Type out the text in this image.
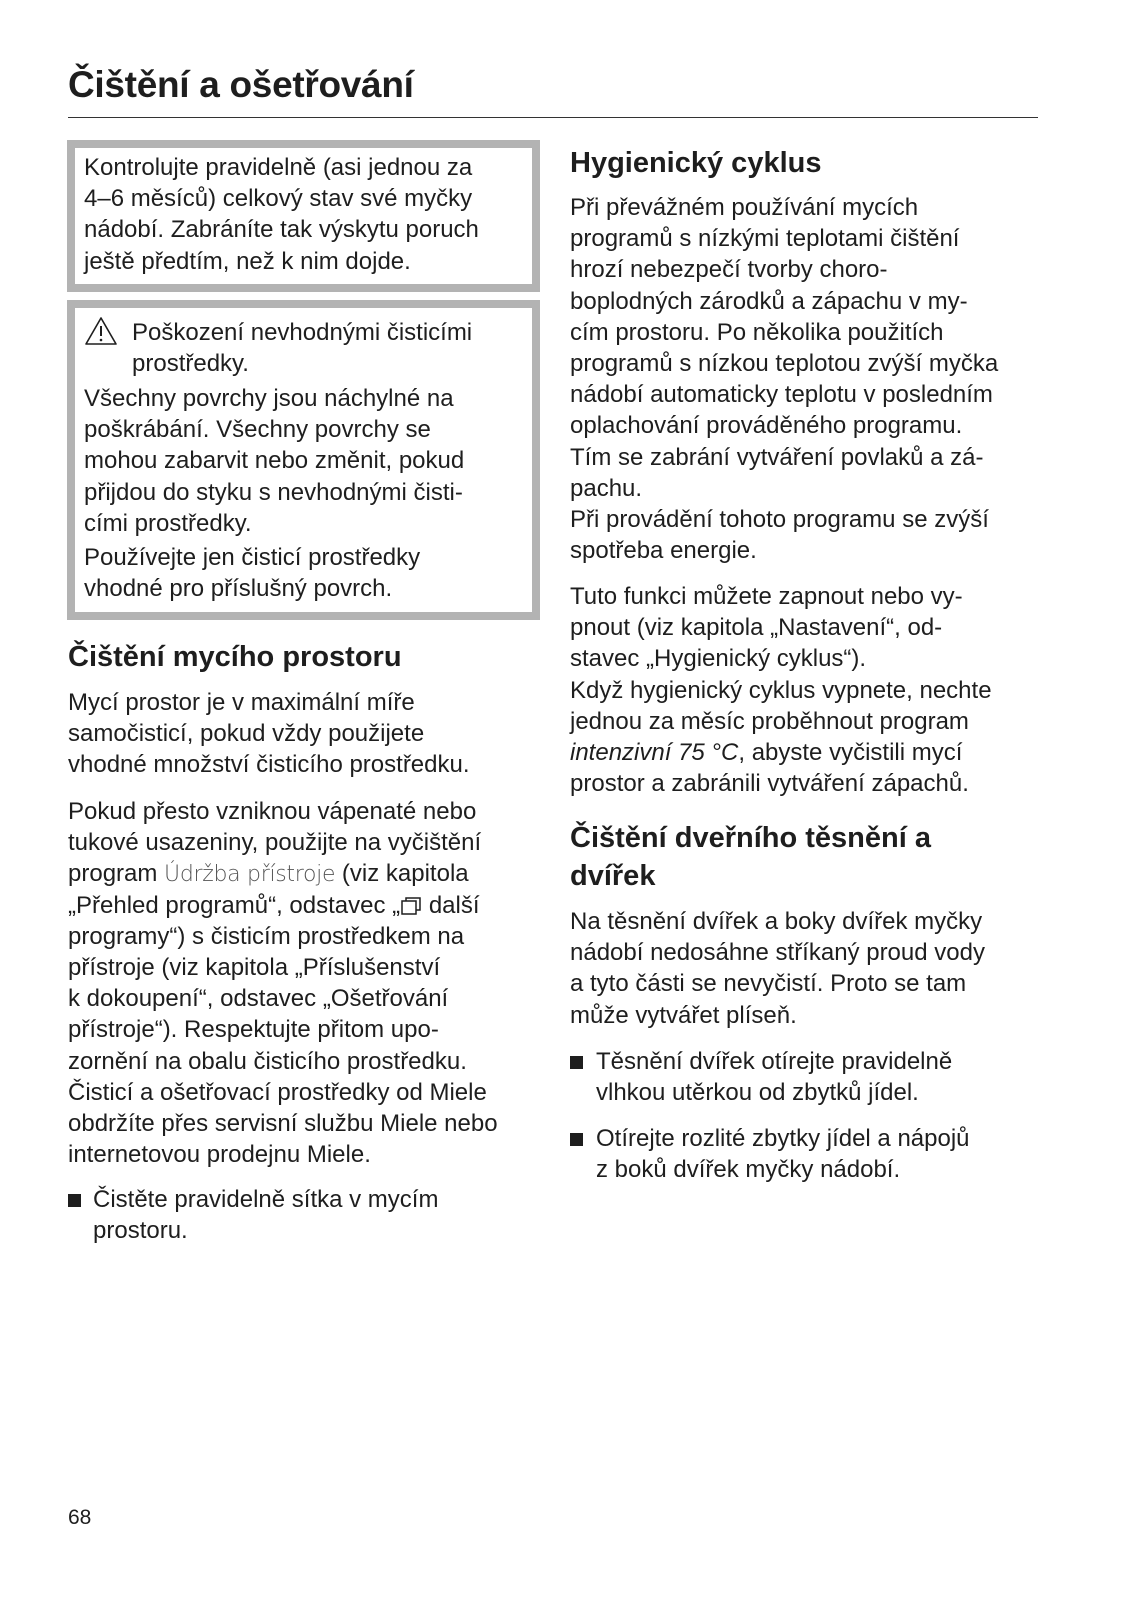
Čištění a ošetřování
Kontrolujte pravidelně (asi jednou za
4–6 měsíců) celkový stav své myčky
nádobí. Zabráníte tak výskytu poruch
ještě předtím, než k nim dojde.
Poškození nevhodnými čisticími
prostředky.
Všechny povrchy jsou náchylné na
poškrábání. Všechny povrchy se
mohou zabarvit nebo změnit, pokud
přijdou do styku s nevhodnými čisti-
cími prostředky.
Používejte jen čisticí prostředky
vhodné pro příslušný povrch.
Čištění mycího prostoru
Mycí prostor je v maximální míře
samočisticí, pokud vždy použijete
vhodné množství čisticího prostředku.
Pokud přesto vzniknou vápenaté nebo
tukové usazeniny, použijte na vyčištění
program Údržba přístroje (viz kapitola
„Přehled programů“, odstavec „
další
programy“) s čisticím prostředkem na
přístroje (viz kapitola „Příslušenství
k dokoupení“, odstavec „Ošetřování
přístroje“). Respektujte přitom upo-
zornění na obalu čisticího prostředku.
Čisticí a ošetřovací prostředky od Miele
obdržíte přes servisní službu Miele nebo
internetovou prodejnu Miele.
Čistěte pravidelně sítka v mycím
prostoru.
Hygienický cyklus
Při převážném používání mycích
programů s nízkými teplotami čištění
hrozí nebezpečí tvorby choro-
boplodných zárodků a zápachu v my-
cím prostoru. Po několika použitích
programů s nízkou teplotou zvýší myčka
nádobí automaticky teplotu v posledním
oplachování prováděného programu.
Tím se zabrání vytváření povlaků a zá-
pachu.
Při provádění tohoto programu se zvýší
spotřeba energie.
Tuto funkci můžete zapnout nebo vy-
pnout (viz kapitola „Nastavení“, od-
stavec „Hygienický cyklus“).
Když hygienický cyklus vypnete, nechte
jednou za měsíc proběhnout program
intenzivní 75 °C, abyste vyčistili mycí
prostor a zabránili vytváření zápachů.
Čištění dveřního těsnění a
dvířek
Na těsnění dvířek a boky dvířek myčky
nádobí nedosáhne stříkaný proud vody
a tyto části se nevyčistí. Proto se tam
může vytvářet plíseň.
Těsnění dvířek otírejte pravidelně
vlhkou utěrkou od zbytků jídel.
Otírejte rozlité zbytky jídel a nápojů
z boků dvířek myčky nádobí.
68
